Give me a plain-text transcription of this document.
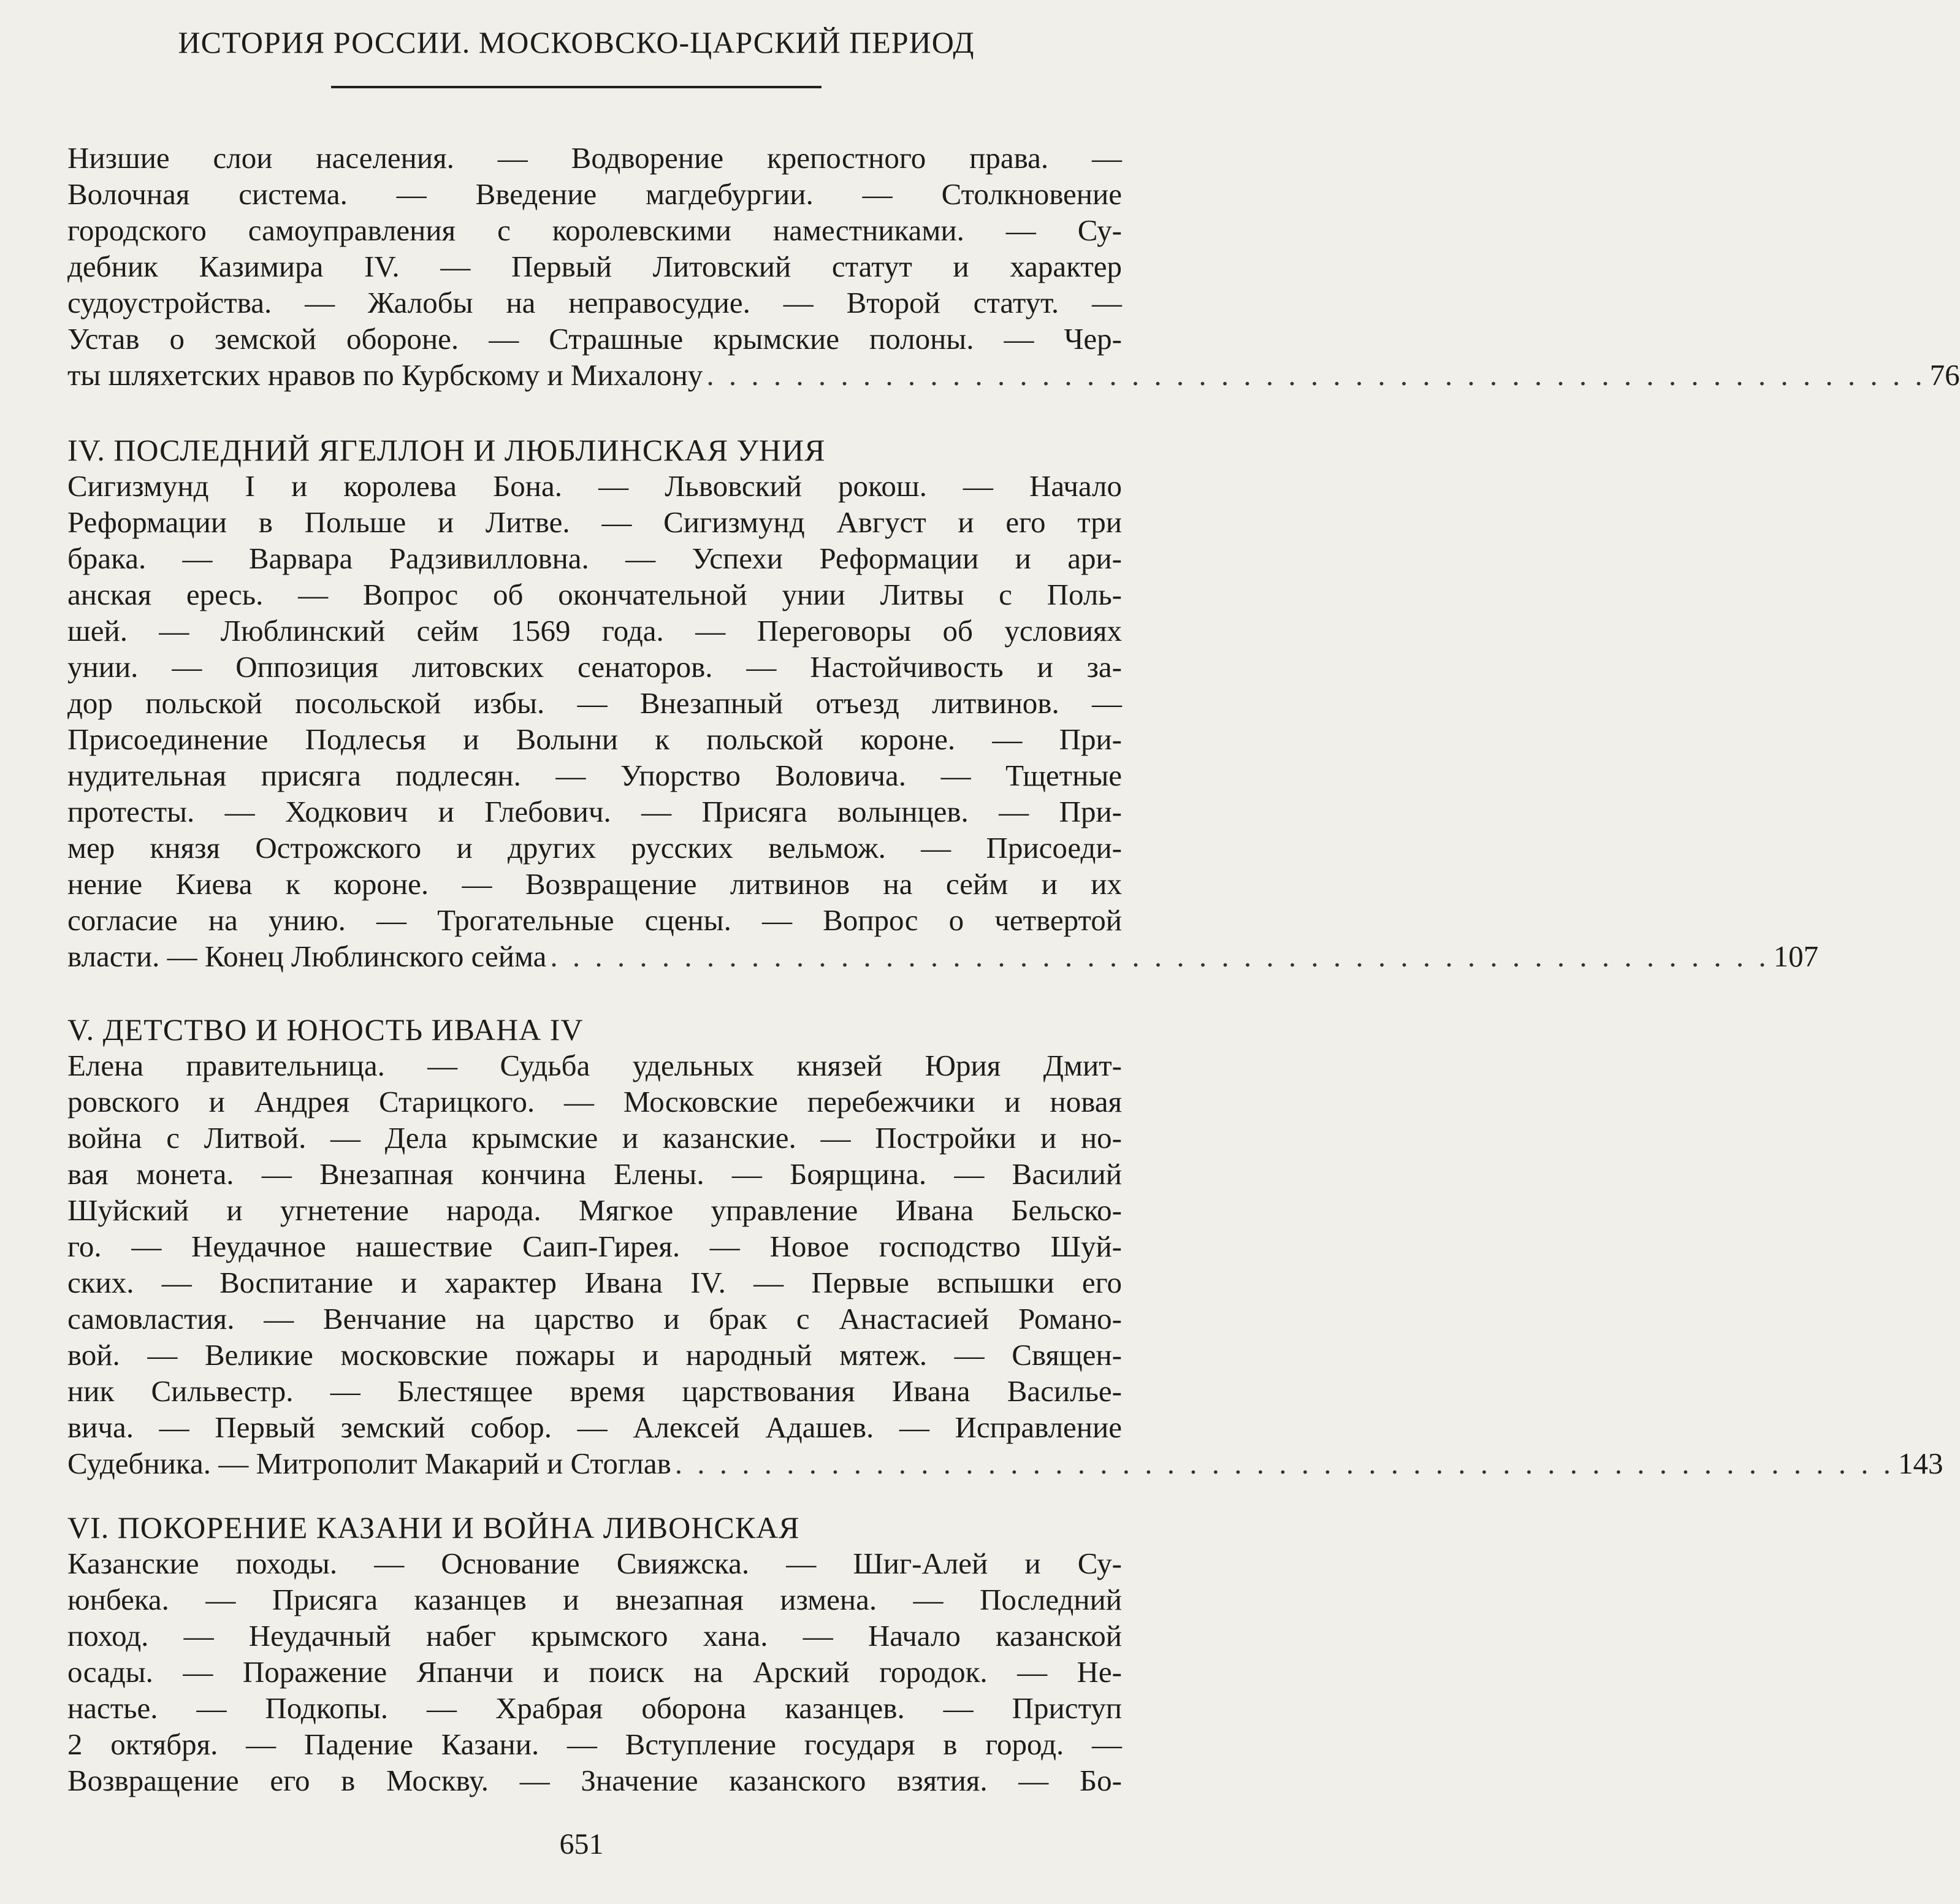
ИСТОРИЯ РОССИИ. МОСКОВСКО-ЦАРСКИЙ ПЕРИОД
Низшие слои населения. — Водворение крепостного права. —
Волочная система. — Введение магдебургии. — Столкновение
городского самоуправления с королевскими наместниками. — Су-
дебник Казимира IV. — Первый Литовский статут и характер
судоустройства. — Жалобы на неправосудие. — Второй статут. —
Устав о земской обороне. — Страшные крымские полоны. — Чер-
ты шляхетских нравов по Курбскому и Михалону . . . . . . . . . . . . . . . . . . . . . . . . . . . . . . . . . . . . . . . . . . . . . . . . . . . . . . . 76
IV. ПОСЛЕДНИЙ ЯГЕЛЛОН И ЛЮБЛИНСКАЯ УНИЯ
Сигизмунд I и королева Бона. — Львовский рокош. — Начало
Реформации в Польше и Литве. — Сигизмунд Август и его три
брака. — Варвара Радзивилловна. — Успехи Реформации и ари-
анская ересь. — Вопрос об окончательной унии Литвы с Поль-
шей. — Люблинский сейм 1569 года. — Переговоры об условиях
унии. — Оппозиция литовских сенаторов. — Настойчивость и за-
дор польской посольской избы. — Внезапный отъезд литвинов. —
Присоединение Подлесья и Волыни к польской короне. — При-
нудительная присяга подлесян. — Упорство Воловича. — Тщетные
протесты. — Ходкович и Глебович. — Присяга волынцев. — При-
мер князя Острожского и других русских вельмож. — Присоеди-
нение Киева к короне. — Возвращение литвинов на сейм и их
согласие на унию. — Трогательные сцены. — Вопрос о четвертой
власти. — Конец Люблинского сейма . . . . . . . . . . . . . . . . . . . . . . . . . . . . . . . . . . . . . . . . . . . . . . . . . . . . . . . 107
V. ДЕТСТВО И ЮНОСТЬ ИВАНА IV
Елена правительница. — Судьба удельных князей Юрия Дмит-
ровского и Андрея Старицкого. — Московские перебежчики и новая
война с Литвой. — Дела крымские и казанские. — Постройки и но-
вая монета. — Внезапная кончина Елены. — Боярщина. — Василий
Шуйский и угнетение народа. Мягкое управление Ивана Бельско-
го. — Неудачное нашествие Саип-Гирея. — Новое господство Шуй-
ских. — Воспитание и характер Ивана IV. — Первые вспышки его
самовластия. — Венчание на царство и брак с Анастасией Романо-
вой. — Великие московские пожары и народный мятеж. — Священ-
ник Сильвестр. — Блестящее время царствования Ивана Василье-
вича. — Первый земский собор. — Алексей Адашев. — Исправление
Судебника. — Митрополит Макарий и Стоглав . . . . . . . . . . . . . . . . . . . . . . . . . . . . . . . . . . . . . . . . . . . . . . . . . . . . . . . 143
VI. ПОКОРЕНИЕ КАЗАНИ И ВОЙНА ЛИВОНСКАЯ
Казанские походы. — Основание Свияжска. — Шиг-Алей и Су-
юнбека. — Присяга казанцев и внезапная измена. — Последний
поход. — Неудачный набег крымского хана. — Начало казанской
осады. — Поражение Япанчи и поиск на Арский городок. — Не-
настье. — Подкопы. — Храбрая оборона казанцев. — Приступ
2 октября. — Падение Казани. — Вступление государя в город. —
Возвращение его в Москву. — Значение казанского взятия. — Бо-
651
